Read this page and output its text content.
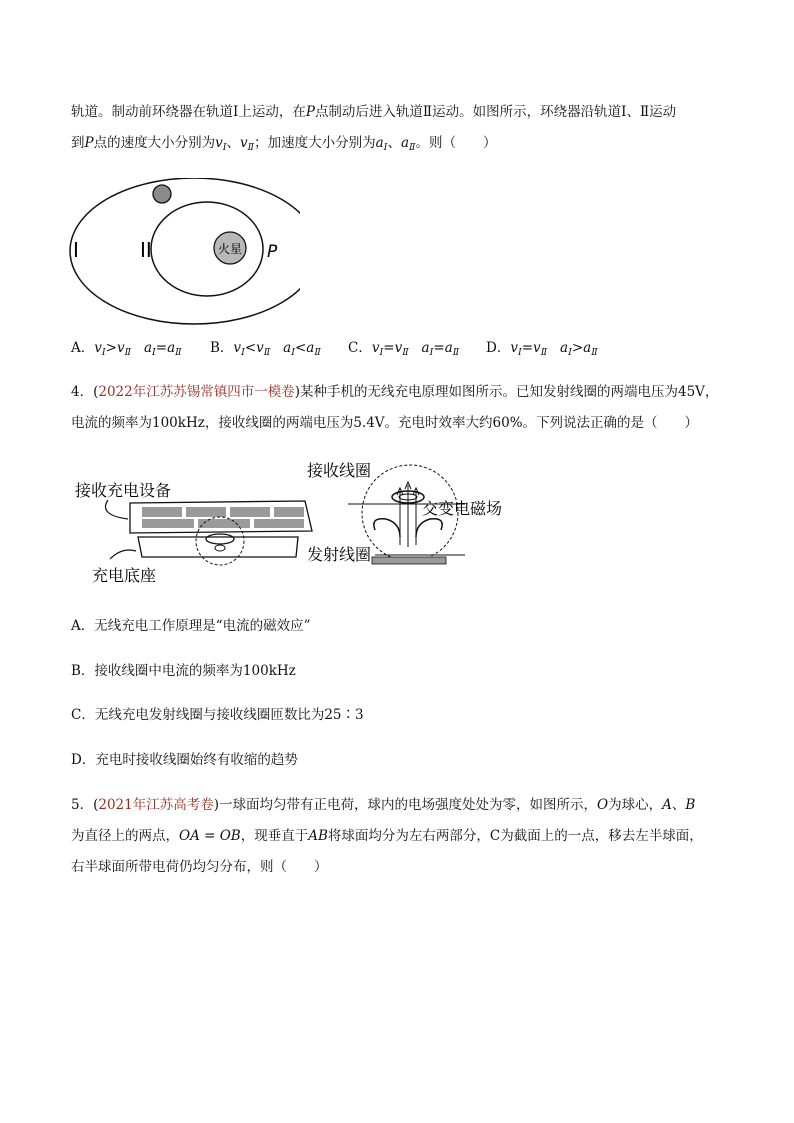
轨道。制动前环绕器在轨道Ⅰ上运动，在P点制动后进入轨道Ⅱ运动。如图所示，环绕器沿轨道Ⅰ、Ⅱ运动
到P点的速度大小分别为$v_Ⅰ$、$v_Ⅱ$；加速度大小分别为$a_Ⅰ$、$a_Ⅱ$。则（　　）
火星
I	II	P
A．$v_Ⅰ>v_Ⅱ$ $a_Ⅰ=a_Ⅱ$ B．$v_Ⅰ<v_Ⅱ$ $a_Ⅰ<a_Ⅱ$ C．$v_Ⅰ=v_Ⅱ$ $a_Ⅰ=a_Ⅱ$ D．$v_Ⅰ=v_Ⅱ$ $a_Ⅰ>a_Ⅱ$
4．(2022年江苏苏锡常镇四市一模卷)某种手机的无线充电原理如图所示。已知发射线圈的两端电压为45V，
电流的频率为100kHz，接收线圈的两端电压为5.4V。充电时效率大约60%。下列说法正确的是（　　）
接收充电设备
充电底座
发射线圈
接收线圈
交变电磁场
A．无线充电工作原理是“电流的磁效应”
B．接收线圈中电流的频率为100kHz
C．无线充电发射线圈与接收线圈匝数比为25∶3
D．充电时接收线圈始终有收缩的趋势
5．(2021年江苏高考卷)一球面均匀带有正电荷，球内的电场强度处处为零，如图所示，O为球心，A、B
为直径上的两点，OA = OB，现垂直于AB将球面均分为左右两部分，C为截面上的一点，移去左半球面，
右半球面所带电荷仍均匀分布，则（　　）
